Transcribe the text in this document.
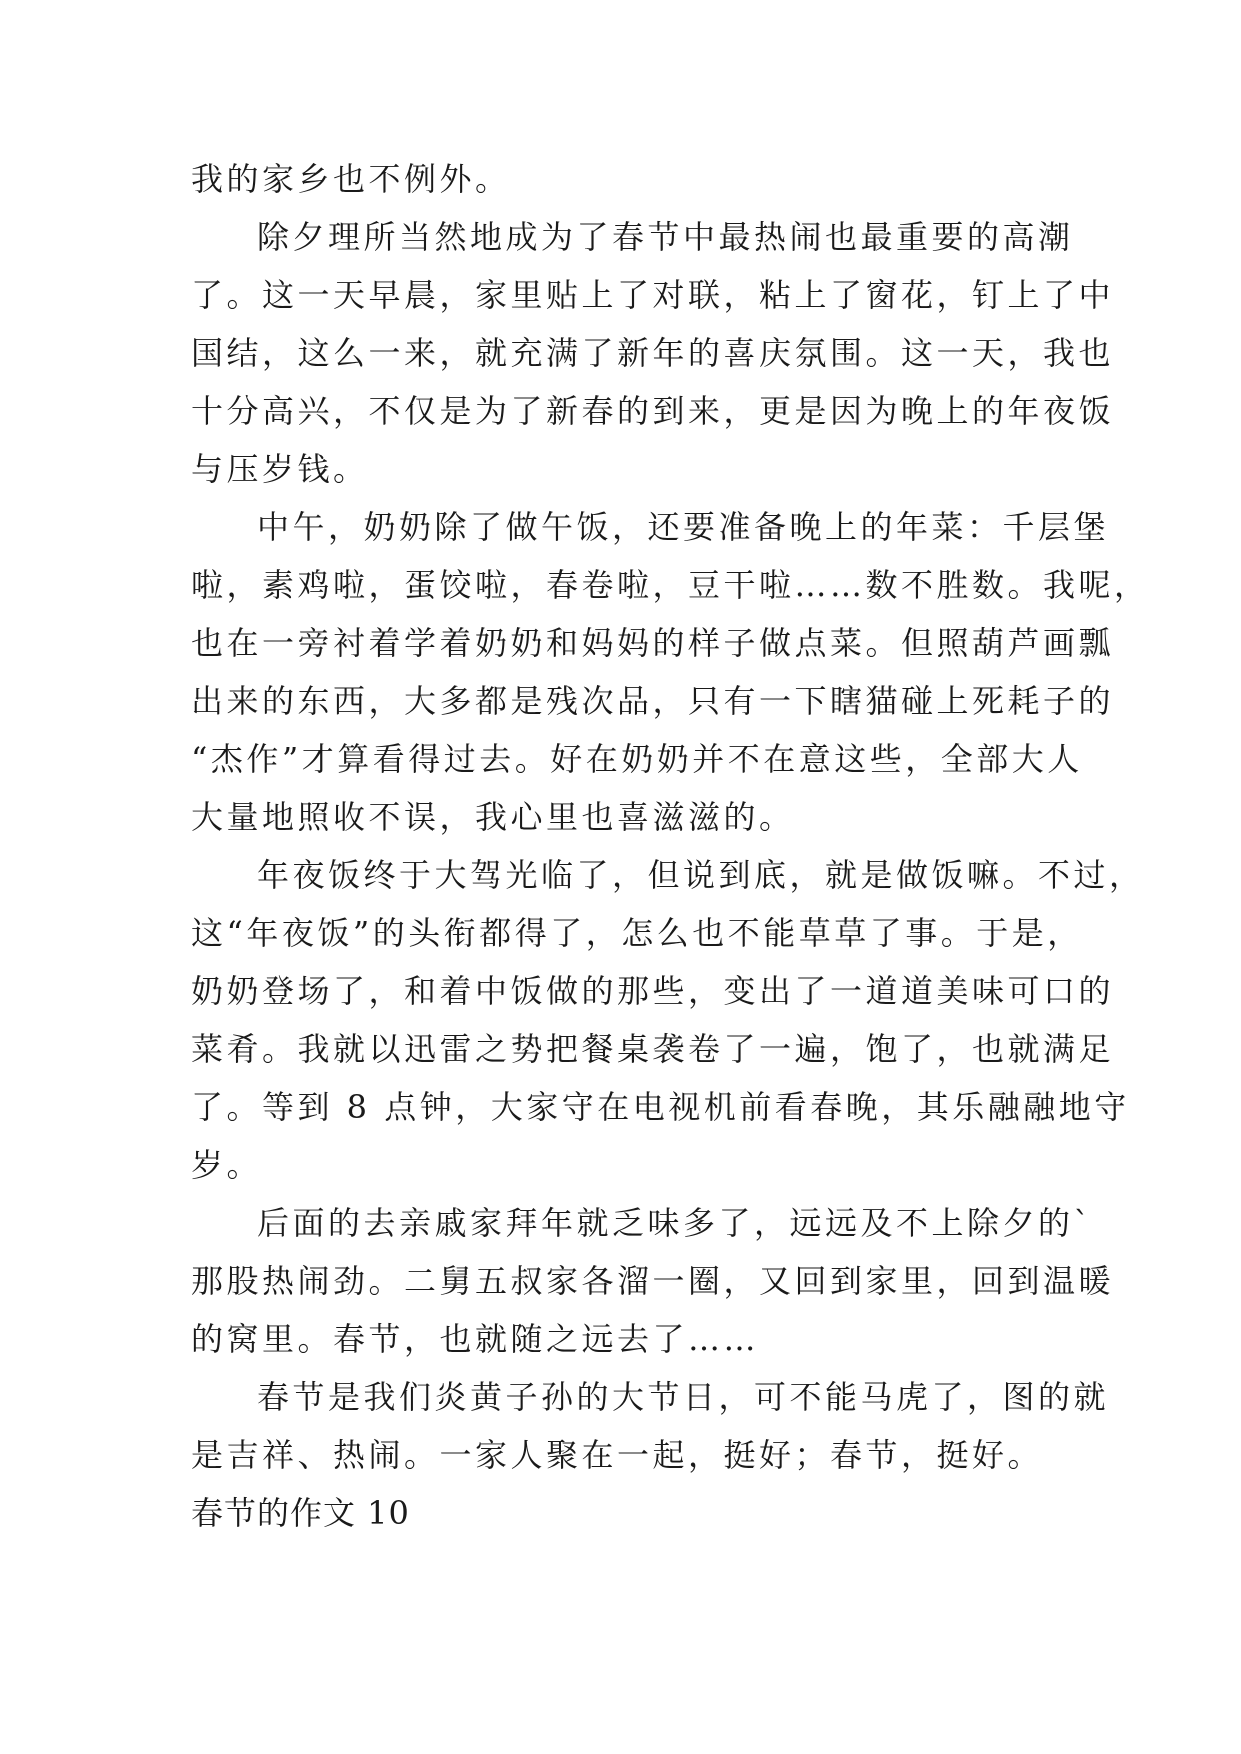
我的家乡也不例外。
除夕理所当然地成为了春节中最热闹也最重要的高潮
了。这一天早晨，家里贴上了对联，粘上了窗花，钉上了中
国结，这么一来，就充满了新年的喜庆氛围。这一天，我也
十分高兴，不仅是为了新春的到来，更是因为晚上的年夜饭
与压岁钱。
中午，奶奶除了做午饭，还要准备晚上的年菜：千层堡
啦，素鸡啦，蛋饺啦，春卷啦，豆干啦……数不胜数。我呢，
也在一旁衬着学着奶奶和妈妈的样子做点菜。但照葫芦画瓢
出来的东西，大多都是残次品，只有一下瞎猫碰上死耗子的
“杰作”才算看得过去。好在奶奶并不在意这些，全部大人
大量地照收不误，我心里也喜滋滋的。
年夜饭终于大驾光临了，但说到底，就是做饭嘛。不过，
这“年夜饭”的头衔都得了，怎么也不能草草了事。于是，
奶奶登场了，和着中饭做的那些，变出了一道道美味可口的
菜肴。我就以迅雷之势把餐桌袭卷了一遍，饱了，也就满足
了。等到 8 点钟，大家守在电视机前看春晚，其乐融融地守
岁。
后面的去亲戚家拜年就乏味多了，远远及不上除夕的`
那股热闹劲。二舅五叔家各溜一圈，又回到家里，回到温暖
的窝里。春节，也就随之远去了……
春节是我们炎黄子孙的大节日，可不能马虎了，图的就
是吉祥、热闹。一家人聚在一起，挺好；春节，挺好。
春节的作文 10
